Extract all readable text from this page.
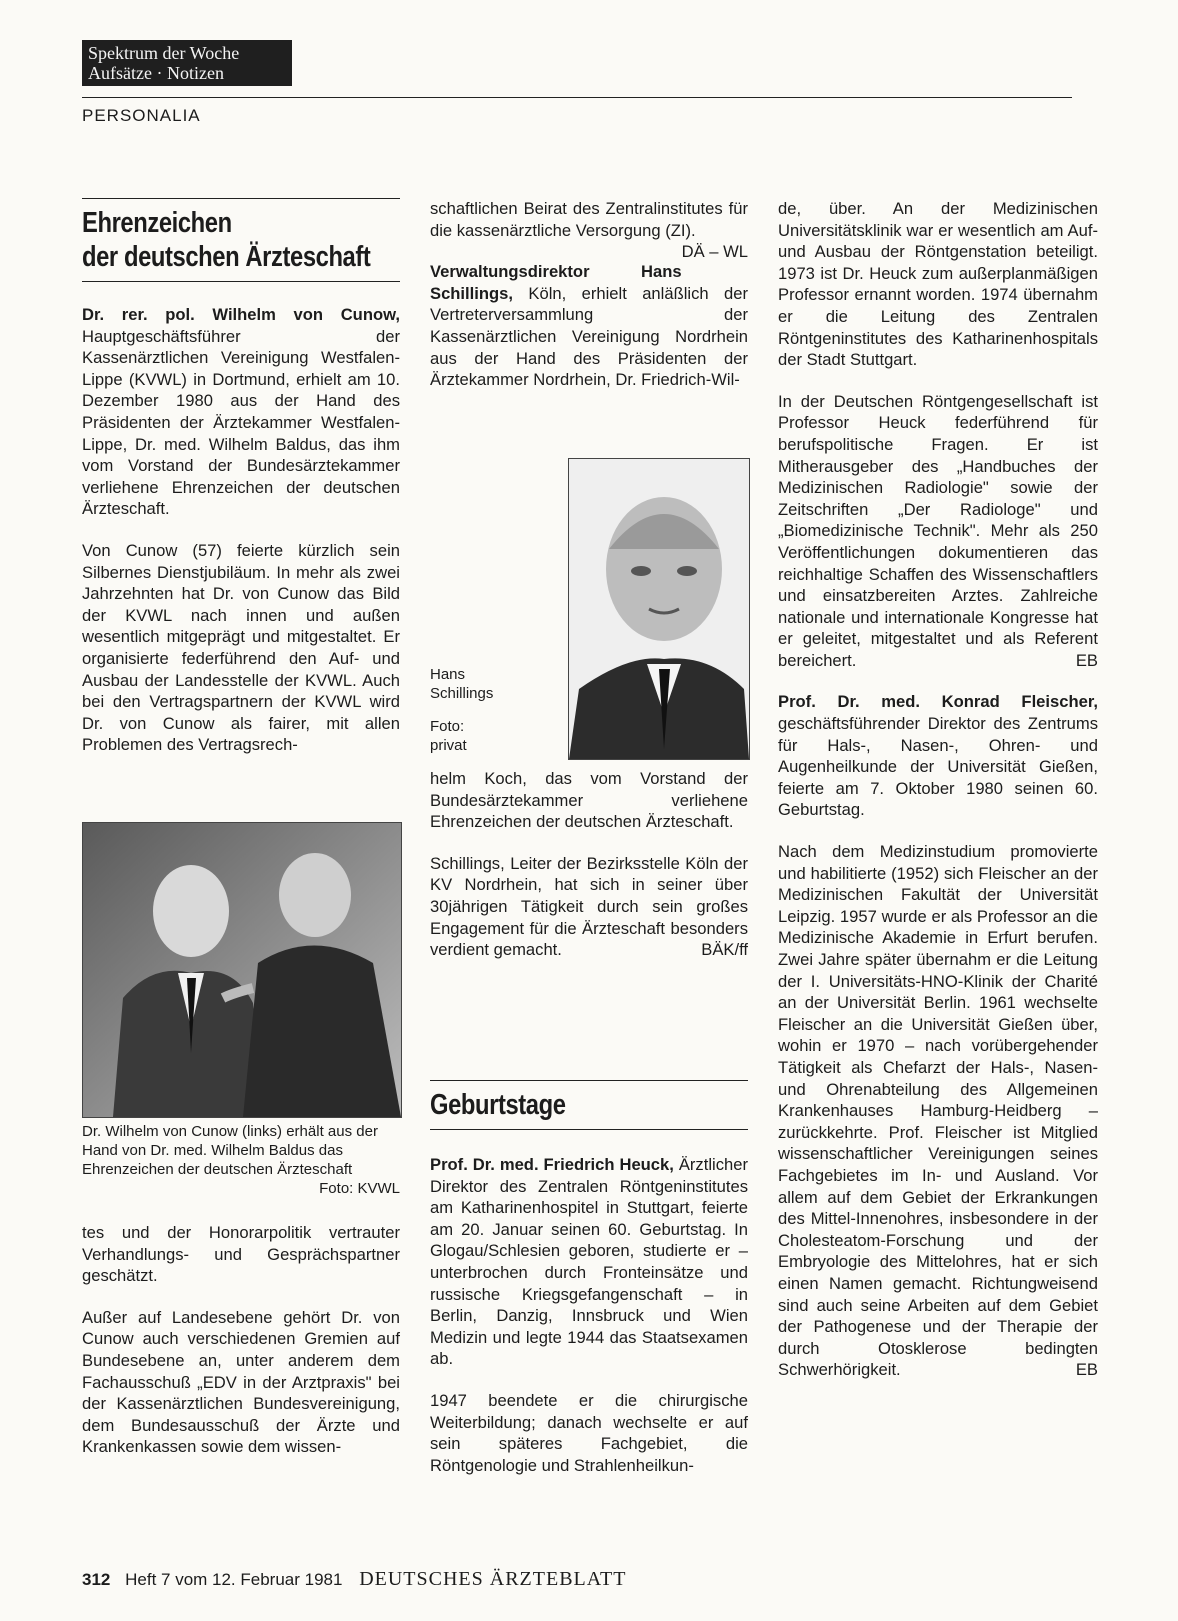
Spektrum der Woche
Aufsätze · Notizen
PERSONALIA
Ehrenzeichen
der deutschen Ärzteschaft

Dr. rer. pol. Wilhelm von Cunow, Hauptgeschäftsführer der Kassenärztlichen Vereinigung Westfalen-Lippe (KVWL) in Dortmund, erhielt am 10. Dezember 1980 aus der Hand des Präsidenten der Ärztekammer Westfalen-Lippe, Dr. med. Wilhelm Baldus, das ihm vom Vorstand der Bundesärztekammer verliehene Ehrenzeichen der deutschen Ärzteschaft.

Von Cunow (57) feierte kürzlich sein Silbernes Dienstjubiläum. In mehr als zwei Jahrzehnten hat Dr. von Cunow das Bild der KVWL nach innen und außen wesentlich mitgeprägt und mitgestaltet. Er organisierte federführend den Auf- und Ausbau der Landesstelle der KVWL. Auch bei den Vertragspartnern der KVWL wird Dr. von Cunow als fairer, mit allen Problemen des Vertragsrech-

Dr. Wilhelm von Cunow (links) erhält aus der Hand von Dr. med. Wilhelm Baldus das Ehrenzeichen der deutschen Ärzteschaft
Foto: KVWL

tes und der Honorarpolitik vertrauter Verhandlungs- und Gesprächspartner geschätzt.

Außer auf Landesebene gehört Dr. von Cunow auch verschiedenen Gremien auf Bundesebene an, unter anderem dem Fachausschuß „EDV in der Arztpraxis" bei der Kassenärztlichen Bundesvereinigung, dem Bundesausschuß der Ärzte und Krankenkassen sowie dem wissen-

schaftlichen Beirat des Zentralinstitutes für die kassenärztliche Versorgung (ZI).
DÄ – WL

Verwaltungsdirektor Hans Schillings, Köln, erhielt anläßlich der Vertreterversammlung der Kassenärztlichen Vereinigung Nordrhein aus der Hand des Präsidenten der Ärztekammer Nordrhein, Dr. Friedrich-Wil-

Hans
Schillings
Foto:
privat

helm Koch, das vom Vorstand der Bundesärztekammer verliehene Ehrenzeichen der deutschen Ärzteschaft.

Schillings, Leiter der Bezirksstelle Köln der KV Nordrhein, hat sich in seiner über 30jährigen Tätigkeit durch sein großes Engagement für die Ärzteschaft besonders verdient gemacht.	BÄK/ff

Geburtstage

Prof. Dr. med. Friedrich Heuck, Ärztlicher Direktor des Zentralen Röntgeninstitutes am Katharinenhospitel in Stuttgart, feierte am 20. Januar seinen 60. Geburtstag. In Glogau/Schlesien geboren, studierte er – unterbrochen durch Fronteinsätze und russische Kriegsgefangenschaft – in Berlin, Danzig, Innsbruck und Wien Medizin und legte 1944 das Staatsexamen ab.

1947 beendete er die chirurgische Weiterbildung; danach wechselte er auf sein späteres Fachgebiet, die Röntgenologie und Strahlenheilkun-

de, über. An der Medizinischen Universitätsklinik war er wesentlich am Auf- und Ausbau der Röntgenstation beteiligt. 1973 ist Dr. Heuck zum außerplanmäßigen Professor ernannt worden. 1974 übernahm er die Leitung des Zentralen Röntgeninstitutes des Katharinenhospitals der Stadt Stuttgart.

In der Deutschen Röntgengesellschaft ist Professor Heuck federführend für berufspolitische Fragen. Er ist Mitherausgeber des „Handbuches der Medizinischen Radiologie" sowie der Zeitschriften „Der Radiologe" und „Biomedizinische Technik". Mehr als 250 Veröffentlichungen dokumentieren das reichhaltige Schaffen des Wissenschaftlers und einsatzbereiten Arztes. Zahlreiche nationale und internationale Kongresse hat er geleitet, mitgestaltet und als Referent bereichert.	EB

Prof. Dr. med. Konrad Fleischer, geschäftsführender Direktor des Zentrums für Hals-, Nasen-, Ohren- und Augenheilkunde der Universität Gießen, feierte am 7. Oktober 1980 seinen 60. Geburtstag.

Nach dem Medizinstudium promovierte und habilitierte (1952) sich Fleischer an der Medizinischen Fakultät der Universität Leipzig. 1957 wurde er als Professor an die Medizinische Akademie in Erfurt berufen. Zwei Jahre später übernahm er die Leitung der I. Universitäts-HNO-Klinik der Charité an der Universität Berlin. 1961 wechselte Fleischer an die Universität Gießen über, wohin er 1970 – nach vorübergehender Tätigkeit als Chefarzt der Hals-, Nasen- und Ohrenabteilung des Allgemeinen Krankenhauses Hamburg-Heidberg – zurückkehrte. Prof. Fleischer ist Mitglied wissenschaftlicher Vereinigungen seines Fachgebietes im In- und Ausland. Vor allem auf dem Gebiet der Erkrankungen des Mittel-Innenohres, insbesondere in der Cholesteatom-Forschung und der Embryologie des Mittelohres, hat er sich einen Namen gemacht. Richtungweisend sind auch seine Arbeiten auf dem Gebiet der Pathogenese und der Therapie der durch Otosklerose bedingten Schwerhörigkeit.	EB

312 Heft 7 vom 12. Februar 1981 DEUTSCHES ÄRZTEBLATT
